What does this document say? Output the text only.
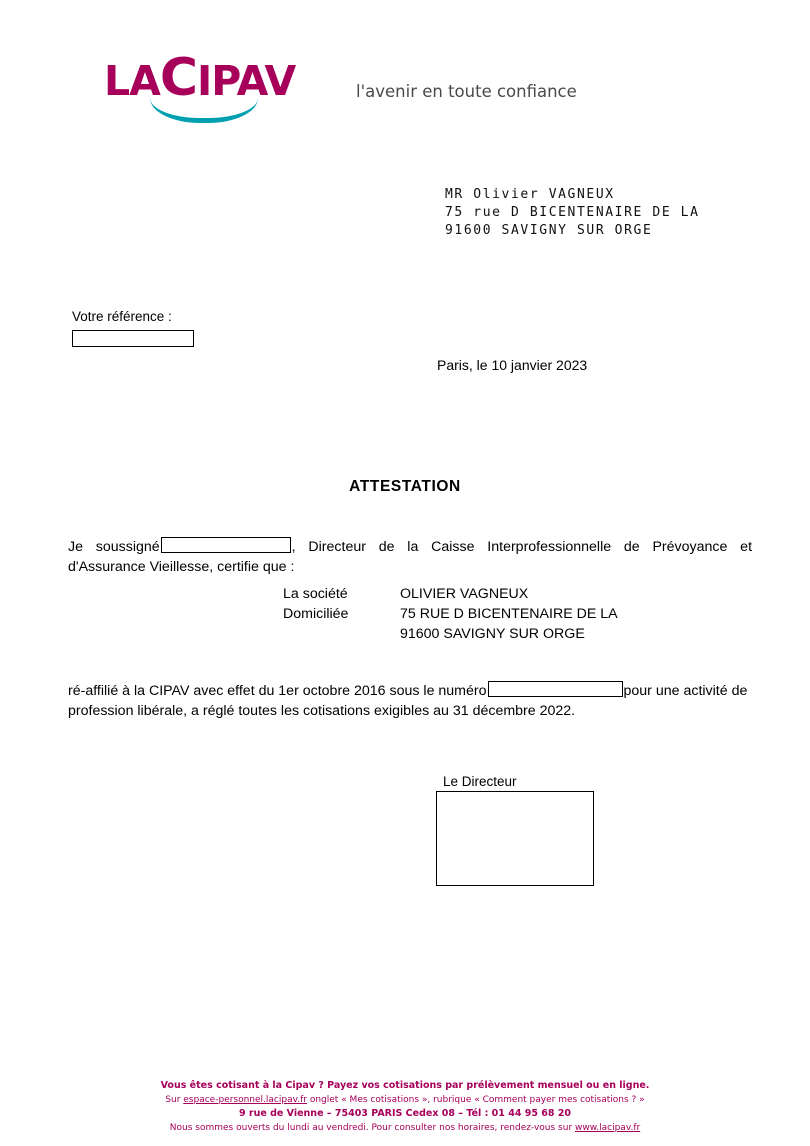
LACIPAV	l'avenir en toute confiance
MR Olivier VAGNEUX
75 rue D BICENTENAIRE DE LA
91600 SAVIGNY SUR ORGE
Votre référence :
Paris, le 10 janvier 2023
ATTESTATION
Je soussigné	, Directeur de la Caisse Interprofessionnelle de Prévoyance et d'Assurance Vieillesse, certifie que :
La société	OLIVIER VAGNEUX
Domiciliée	75 RUE D BICENTENAIRE DE LA
91600 SAVIGNY SUR ORGE
ré-affilié à la CIPAV avec effet du 1er octobre 2016 sous le numéro	pour une activité de profession libérale, a réglé toutes les cotisations exigibles au 31 décembre 2022.
Le Directeur
Vous êtes cotisant à la Cipav ? Payez vos cotisations par prélèvement mensuel ou en ligne.
Sur espace-personnel.lacipav.fr onglet « Mes cotisations », rubrique « Comment payer mes cotisations ? »
9 rue de Vienne – 75403 PARIS Cedex 08 – Tél : 01 44 95 68 20
Nous sommes ouverts du lundi au vendredi. Pour consulter nos horaires, rendez-vous sur www.lacipav.fr
